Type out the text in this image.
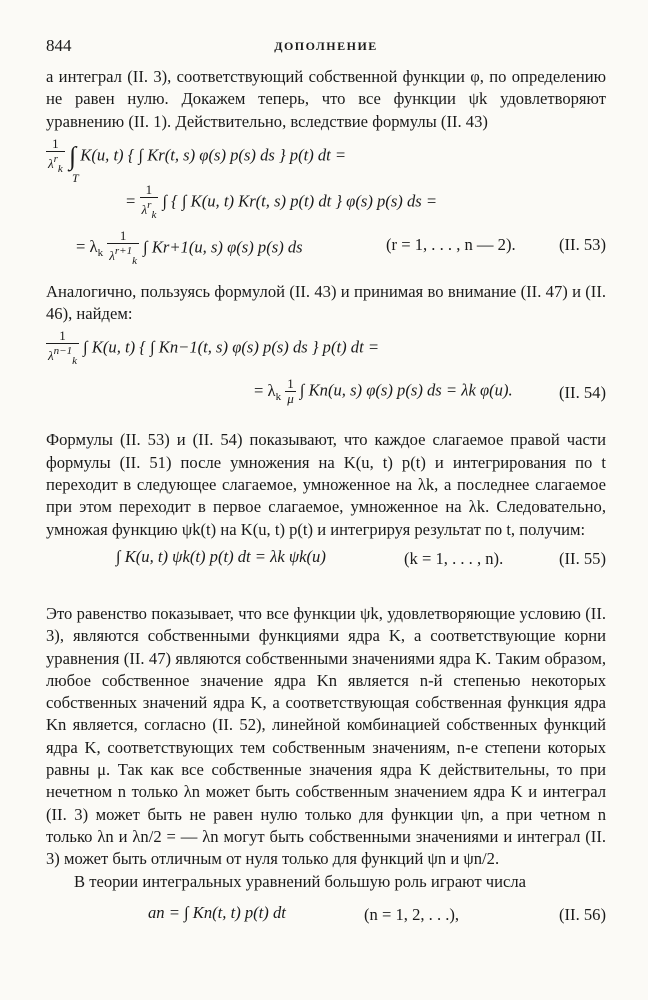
844	ДОПОЛНЕНИЕ

а интеграл (II. 3), соответствующий собственной функции φ, по определению не равен нулю. Докажем теперь, что все функции ψk удовлетворяют уравнению (II. 1). Действительно, вследствие формулы (II. 43)

$\frac{1}{\lambda^r_k}$ ∫
T
K(u, t) { ∫ Kr(t, s) φ(s) p(s) ds } p(t) dt =
= $\frac{1}{\lambda^r_k}$ ∫ { ∫ K(u, t) Kr(t, s) p(t) dt } φ(s) p(s) ds =
= $\lambda_k \frac{1}{\lambda^{r+1}_k}$ ∫ Kr+1(u, s) φ(s) p(s) ds	(r = 1, . . . , n — 2).	(II. 53)

Аналогично, пользуясь формулой (II. 43) и принимая во внимание (II. 47) и (II. 46), найдем:

$\frac{1}{\lambda^{n-1}_k}$ ∫ K(u, t) { ∫ Kn−1(t, s) φ(s) p(s) ds } p(t) dt =
= $\lambda_k \frac{1}{\mu}$ ∫ Kn(u, s) φ(s) p(s) ds = λk φ(u).	(II. 54)

Формулы (II. 53) и (II. 54) показывают, что каждое слагаемое правой части формулы (II. 51) после умножения на K(u, t) p(t) и интегрирования по t переходит в следующее слагаемое, умноженное на λk, а последнее слагаемое при этом переходит в первое слагаемое, умноженное на λk. Следовательно, умножая функцию ψk(t) на K(u, t) p(t) и интегрируя результат по t, получим:

∫ K(u, t) ψk(t) p(t) dt = λk ψk(u)	(k = 1, . . . , n).	(II. 55)

Это равенство показывает, что все функции ψk, удовлетворяющие условию (II. 3), являются собственными функциями ядра K, а соответствующие корни уравнения (II. 47) являются собственными значениями ядра K. Таким образом, любое собственное значение ядра Kn является n-й степенью некоторых собственных значений ядра K, а соответствующая собственная функция ядра Kn является, согласно (II. 52), линейной комбинацией собственных функций ядра K, соответствующих тем собственным значениям, n-е степени которых равны μ. Так как все собственные значения ядра K действительны, то при нечетном n только λn может быть собственным значением ядра K и интеграл (II. 3) может быть не равен нулю только для функции ψn, а при четном n только λn и λn/2 = — λn могут быть собственными значениями и интеграл (II. 3) может быть отличным от нуля только для функций ψn и ψn/2.

В теории интегральных уравнений большую роль играют числа

an = ∫ Kn(t, t) p(t) dt	(n = 1, 2, . . .),	(II. 56)
